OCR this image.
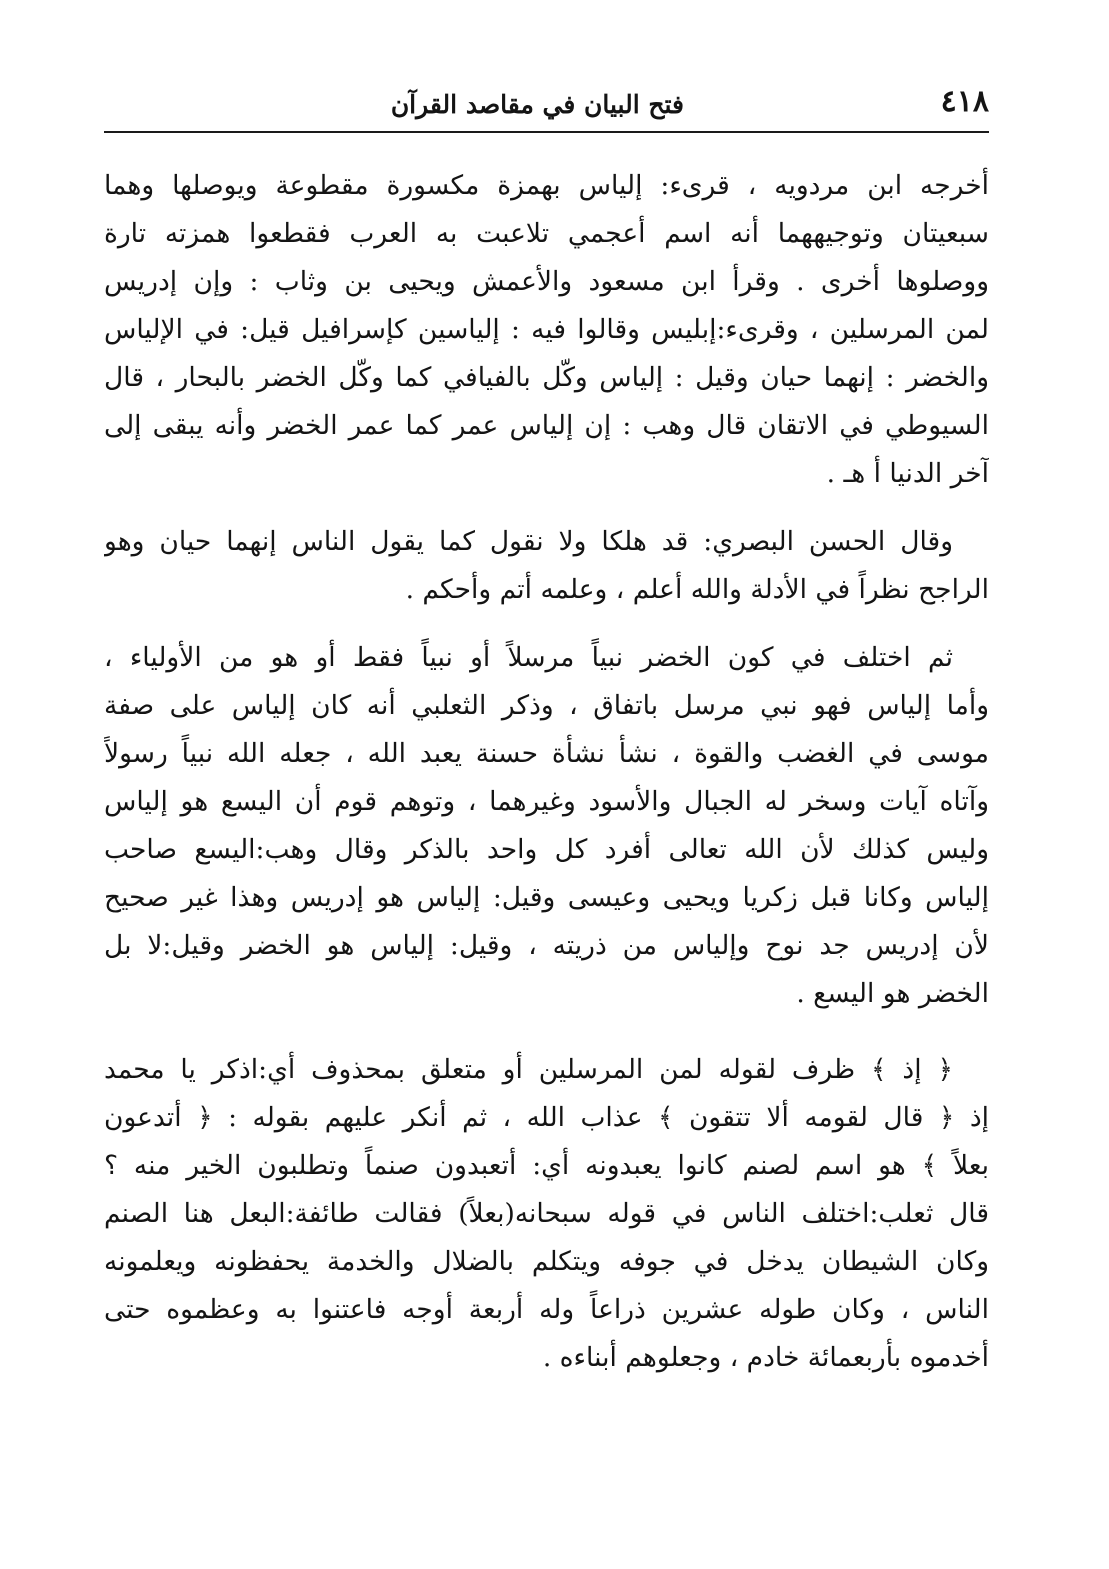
٤١٨
فتح البيان في مقاصد القرآن
أخرجه ابن مردويه ، قرىء: إلياس بهمزة مكسورة مقطوعة ويوصلها وهما
سبعيتان وتوجيههما أنه اسم أعجمي تلاعبت به العرب فقطعوا همزته تارة
ووصلوها أخرى . وقرأ ابن مسعود والأعمش ويحيى بن وثاب : وإن إدريس
لمن المرسلين ، وقرىء:إبليس وقالوا فيه : إلياسين كإسرافيل قيل: في الإلياس
والخضر : إنهما حيان وقيل : إلياس وكّل بالفيافي كما وكّل الخضر بالبحار ، قال
السيوطي في الاتقان قال وهب : إن إلياس عمر كما عمر الخضر وأنه يبقى إلى
آخر الدنيا أ هـ .
وقال الحسن البصري: قد هلكا ولا نقول كما يقول الناس إنهما حيان وهو
الراجح نظراً في الأدلة والله أعلم ، وعلمه أتم وأحكم .
ثم اختلف في كون الخضر نبياً مرسلاً أو نبياً فقط أو هو من الأولياء ،
وأما إلياس فهو نبي مرسل باتفاق ، وذكر الثعلبي أنه كان إلياس على صفة
موسى في الغضب والقوة ، نشأ نشأة حسنة يعبد الله ، جعله الله نبياً رسولاً
وآتاه آيات وسخر له الجبال والأسود وغيرهما ، وتوهم قوم أن اليسع هو إلياس
وليس كذلك لأن الله تعالى أفرد كل واحد بالذكر وقال وهب:اليسع صاحب
إلياس وكانا قبل زكريا ويحيى وعيسى وقيل: إلياس هو إدريس وهذا غير صحيح
لأن إدريس جد نوح وإلياس من ذريته ، وقيل: إلياس هو الخضر وقيل:لا بل
الخضر هو اليسع .
﴿ إذ ﴾ ظرف لقوله لمن المرسلين أو متعلق بمحذوف أي:اذكر يا محمد
إذ ﴿ قال لقومه ألا تتقون ﴾ عذاب الله ، ثم أنكر عليهم بقوله : ﴿ أتدعون
بعلاً ﴾ هو اسم لصنم كانوا يعبدونه أي: أتعبدون صنماً وتطلبون الخير منه ؟
قال ثعلب:اختلف الناس في قوله سبحانه(بعلاً) فقالت طائفة:البعل هنا الصنم
وكان الشيطان يدخل في جوفه ويتكلم بالضلال والخدمة يحفظونه ويعلمونه
الناس ، وكان طوله عشرين ذراعاً وله أربعة أوجه فاعتنوا به وعظموه حتى
أخدموه بأربعمائة خادم ، وجعلوهم أبناءه .
